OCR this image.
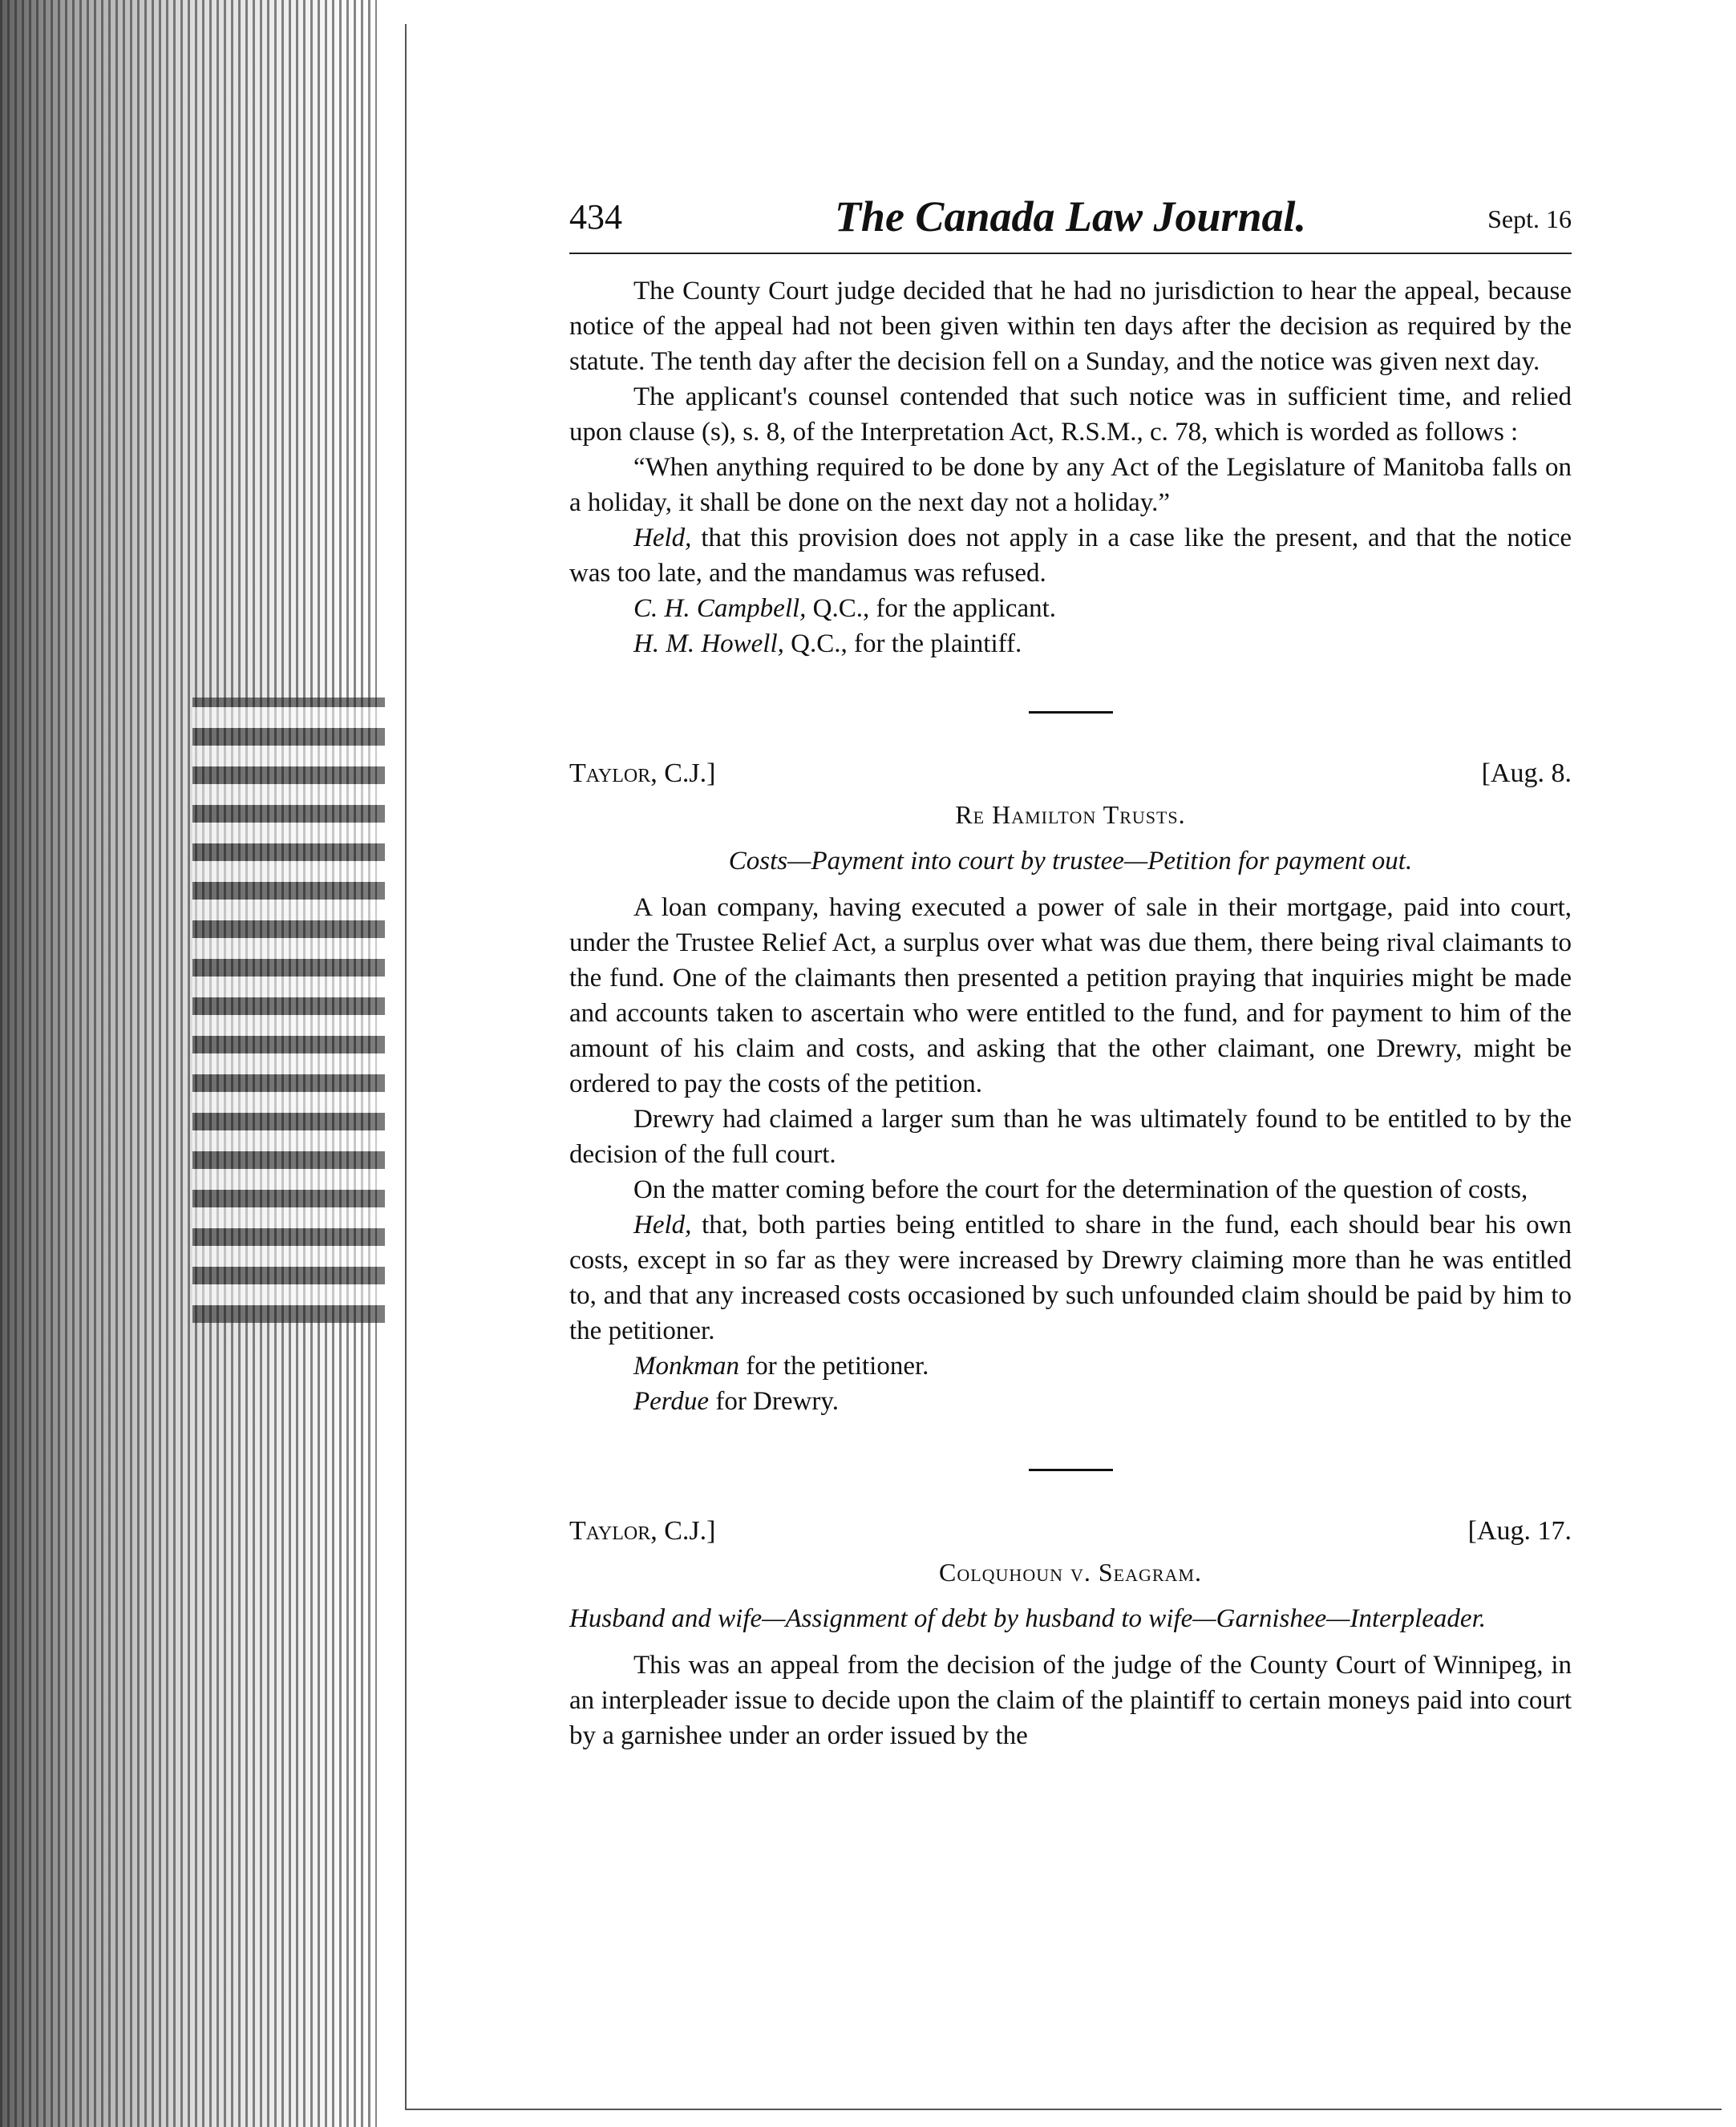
434	The Canada Law Journal.	Sept. 16

The County Court judge decided that he had no jurisdiction to hear the appeal, because notice of the appeal had not been given within ten days after the decision as required by the statute. The tenth day after the decision fell on a Sunday, and the notice was given next day.

The applicant's counsel contended that such notice was in sufficient time, and relied upon clause (s), s. 8, of the Interpretation Act, R.S.M., c. 78, which is worded as follows :

“When anything required to be done by any Act of the Legislature of Manitoba falls on a holiday, it shall be done on the next day not a holiday.”

Held, that this provision does not apply in a case like the present, and that the notice was too late, and the mandamus was refused.

C. H. Campbell, Q.C., for the applicant.

H. M. Howell, Q.C., for the plaintiff.

Taylor, C.J.]	[Aug. 8.
Re Hamilton Trusts.
Costs—Payment into court by trustee—Petition for payment out.

A loan company, having executed a power of sale in their mortgage, paid into court, under the Trustee Relief Act, a surplus over what was due them, there being rival claimants to the fund. One of the claimants then presented a petition praying that inquiries might be made and accounts taken to ascertain who were entitled to the fund, and for payment to him of the amount of his claim and costs, and asking that the other claimant, one Drewry, might be ordered to pay the costs of the petition.

Drewry had claimed a larger sum than he was ultimately found to be entitled to by the decision of the full court.

On the matter coming before the court for the determination of the question of costs,

Held, that, both parties being entitled to share in the fund, each should bear his own costs, except in so far as they were increased by Drewry claiming more than he was entitled to, and that any increased costs occasioned by such unfounded claim should be paid by him to the petitioner.

Monkman for the petitioner.

Perdue for Drewry.

Taylor, C.J.]	[Aug. 17.
Colquhoun v. Seagram.
Husband and wife—Assignment of debt by husband to wife—Garnishee—Interpleader.

This was an appeal from the decision of the judge of the County Court of Winnipeg, in an interpleader issue to decide upon the claim of the plaintiff to certain moneys paid into court by a garnishee under an order issued by the
